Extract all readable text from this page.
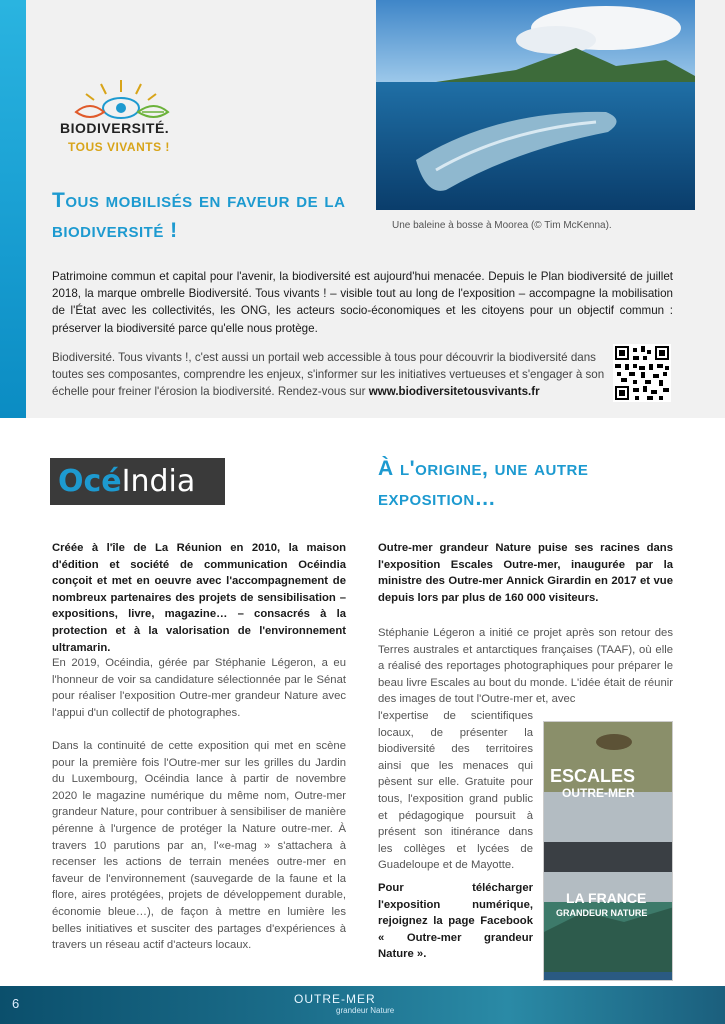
BIODIVERSITÉ.
TOUS VIVANTS !
Tous mobilisés en faveur de la biodiversité !	Une baleine à bosse à Moorea (© Tim McKenna).

Patrimoine commun et capital pour l'avenir, la biodiversité est aujourd'hui menacée. Depuis le Plan biodiversité de juillet 2018, la marque ombrelle Biodiversité. Tous vivants ! – visible tout au long de l'exposition – accompagne la mobilisation de l'État avec les collectivités, les ONG, les acteurs socio-économiques et les citoyens pour un objectif commun : préserver la biodiversité parce qu'elle nous protège.

Biodiversité. Tous vivants !, c'est aussi un portail web accessible à tous pour découvrir la biodiversité dans toutes ses composantes, comprendre les enjeux, s'informer sur les initiatives vertueuses et s'engager à son échelle pour freiner l'érosion la biodiversité. Rendez-vous sur www.biodiversitetousvivants.fr

Océ India	À l'origine, une autre exposition…

Créée à l'île de La Réunion en 2010, la maison d'édition et société de communication Océindia conçoit et met en oeuvre avec l'accompagnement de nombreux partenaires des projets de sensibilisation – expositions, livre, magazine… – consacrés à la protection et à la valorisation de l'environnement ultramarin.

En 2019, Océindia, gérée par Stéphanie Légeron, a eu l'honneur de voir sa candidature sélectionnée par le Sénat pour réaliser l'exposition Outre-mer grandeur Nature avec l'appui d'un collectif de photographes.

Dans la continuité de cette exposition qui met en scène pour la première fois l'Outre-mer sur les grilles du Jardin du Luxembourg, Océindia lance à partir de novembre 2020 le magazine numérique du même nom, Outre-mer grandeur Nature, pour contribuer à sensibiliser de manière pérenne à l'urgence de protéger la Nature outre-mer. À travers 10 parutions par an, l'«e-mag » s'attachera à recenser les actions de terrain menées outre-mer en faveur de l'environnement (sauvegarde de la faune et la flore, aires protégées, projets de développement durable, économie bleue…), de façon à mettre en lumière les belles initiatives et susciter des partages d'expériences à travers un réseau actif d'acteurs locaux.

Outre-mer grandeur Nature puise ses racines dans l'exposition Escales Outre-mer, inaugurée par la ministre des Outre-mer Annick Girardin en 2017 et vue depuis lors par plus de 160 000 visiteurs.

Stéphanie Légeron a initié ce projet après son retour des Terres australes et antarctiques françaises (TAAF), où elle a réalisé des reportages photographiques pour préparer le beau livre Escales au bout du monde. L'idée était de réunir des images de tout l'Outre-mer et, avec
l'expertise de scientifiques locaux, de présenter la biodiversité des territoires ainsi que les menaces qui pèsent sur elle. Gratuite pour tous, l'exposition grand public et pédagogique poursuit à présent son itinérance dans les collèges et lycées de Guadeloupe et de Mayotte.

Pour télécharger l'exposition numérique, rejoignez la page Facebook « Outre-mer grandeur Nature ».

ESCALES
OUTRE-MER
LA FRANCE
GRANDEUR NATURE
6	OUTRE-MER
grandeur Nature
